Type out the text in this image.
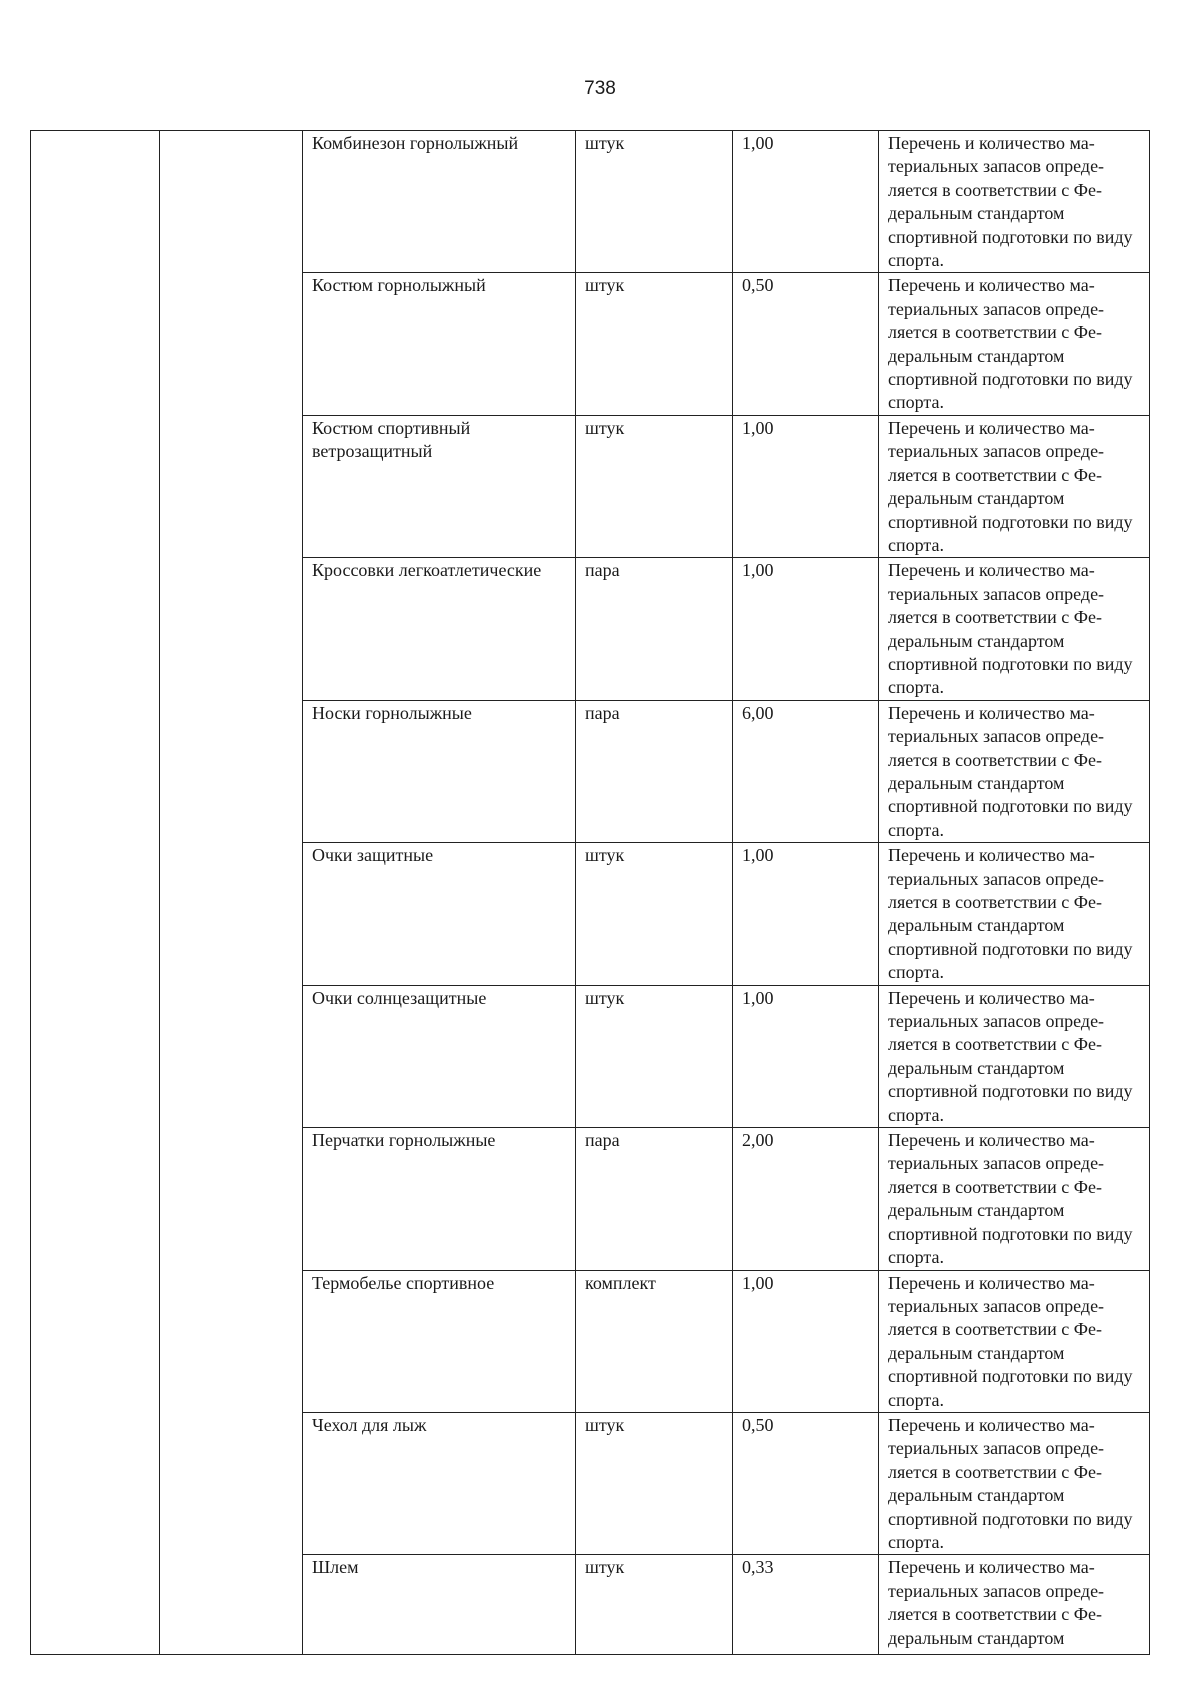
738
		Комбинезон горнолыжный	штук	1,00	Перечень и количество ма-териальных запасов опреде-ляется в соответствии с Фе-деральным стандартом спортивной подготовки по виду спорта.
		Костюм горнолыжный	штук	0,50	Перечень и количество ма-териальных запасов опреде-ляется в соответствии с Фе-деральным стандартом спортивной подготовки по виду спорта.
		Костюм спортивный ветрозащитный	штук	1,00	Перечень и количество ма-териальных запасов опреде-ляется в соответствии с Фе-деральным стандартом спортивной подготовки по виду спорта.
		Кроссовки легкоатлетические	пара	1,00	Перечень и количество ма-териальных запасов опреде-ляется в соответствии с Фе-деральным стандартом спортивной подготовки по виду спорта.
		Носки горнолыжные	пара	6,00	Перечень и количество ма-териальных запасов опреде-ляется в соответствии с Фе-деральным стандартом спортивной подготовки по виду спорта.
		Очки защитные	штук	1,00	Перечень и количество ма-териальных запасов опреде-ляется в соответствии с Фе-деральным стандартом спортивной подготовки по виду спорта.
		Очки солнцезащитные	штук	1,00	Перечень и количество ма-териальных запасов опреде-ляется в соответствии с Фе-деральным стандартом спортивной подготовки по виду спорта.
		Перчатки горнолыжные	пара	2,00	Перечень и количество ма-териальных запасов опреде-ляется в соответствии с Фе-деральным стандартом спортивной подготовки по виду спорта.
		Термобелье спортивное	комплект	1,00	Перечень и количество ма-териальных запасов опреде-ляется в соответствии с Фе-деральным стандартом спортивной подготовки по виду спорта.
		Чехол для лыж	штук	0,50	Перечень и количество ма-териальных запасов опреде-ляется в соответствии с Фе-деральным стандартом спортивной подготовки по виду спорта.
		Шлем	штук	0,33	Перечень и количество ма-териальных запасов опреде-ляется в соответствии с Фе-деральным стандартом
